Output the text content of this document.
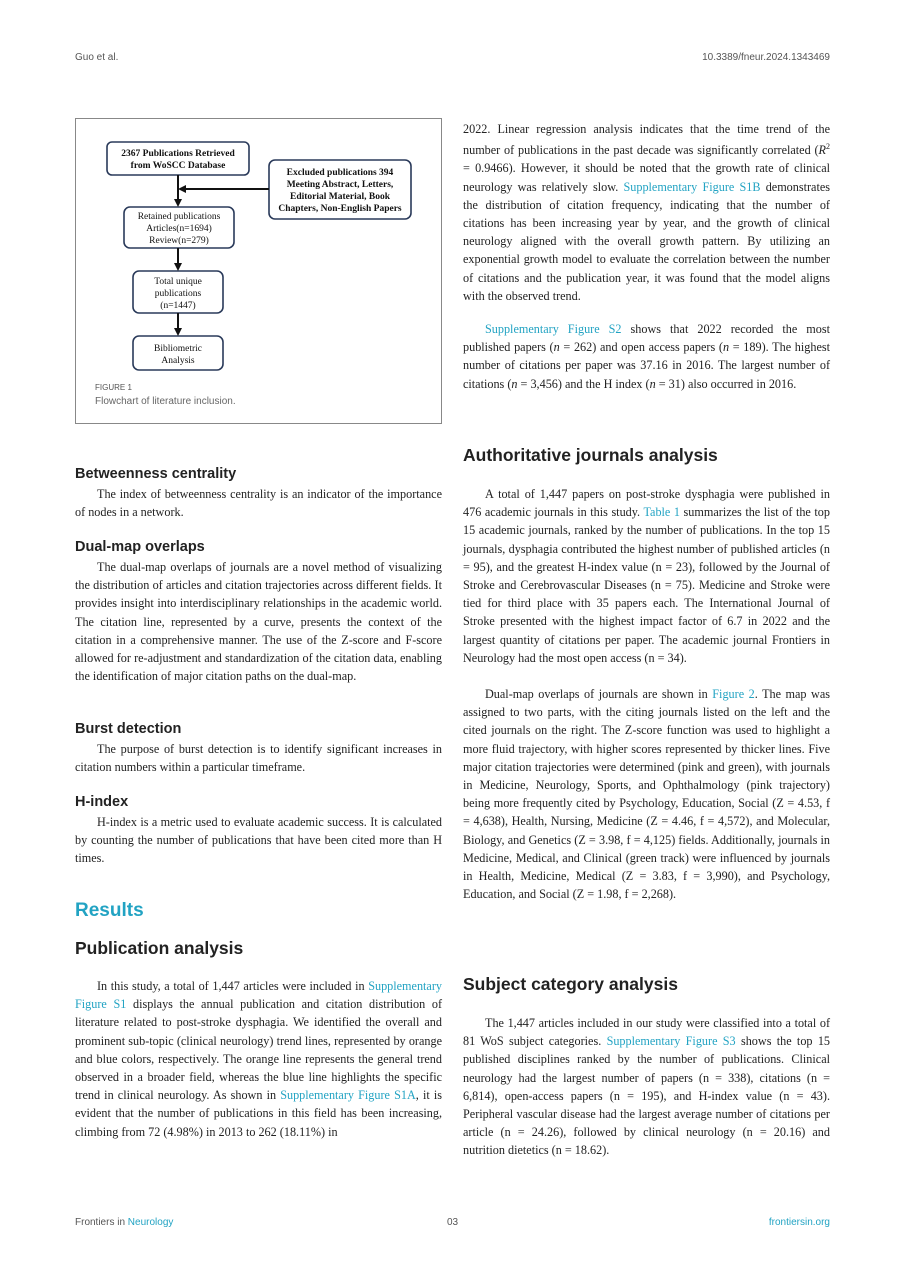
Guo et al.	10.3389/fneur.2024.1343469
2367 Publications Retrieved
from WoSCC Database
Excluded publications 394
Meeting Abstract, Letters,
Editorial Material, Book
Chapters, Non-English Papers
Retained publications
Articles(n=1694)
Review(n=279)
Total unique
publications
(n=1447)
Bibliometric
Analysis
FIGURE 1
Flowchart of literature inclusion.
Betweenness centrality

The index of betweenness centrality is an indicator of the importance of nodes in a network.

Dual-map overlaps

The dual-map overlaps of journals are a novel method of visualizing the distribution of articles and citation trajectories across different fields. It provides insight into interdisciplinary relationships in the academic world. The citation line, represented by a curve, presents the context of the citation in a comprehensive manner. The use of the Z-score and F-score allowed for re-adjustment and standardization of the citation data, enabling the identification of major citation paths on the dual-map.

Burst detection

The purpose of burst detection is to identify significant increases in citation numbers within a particular timeframe.

H-index

H-index is a metric used to evaluate academic success. It is calculated by counting the number of publications that have been cited more than H times.

Results
Publication analysis

In this study, a total of 1,447 articles were included in Supplementary Figure S1 displays the annual publication and citation distribution of literature related to post-stroke dysphagia. We identified the overall and prominent sub-topic (clinical neurology) trend lines, represented by orange and blue colors, respectively. The orange line represents the general trend observed in a broader field, whereas the blue line highlights the specific trend in clinical neurology. As shown in Supplementary Figure S1A, it is evident that the number of publications in this field has been increasing, climbing from 72 (4.98%) in 2013 to 262 (18.11%) in

2022. Linear regression analysis indicates that the time trend of the number of publications in the past decade was significantly correlated $(R^2 = 0.9466)$. However, it should be noted that the growth rate of clinical neurology was relatively slow. Supplementary Figure S1B demonstrates the distribution of citation frequency, indicating that the number of citations has been increasing year by year, and the growth of clinical neurology aligned with the overall growth pattern. By utilizing an exponential growth model to evaluate the correlation between the number of citations and the publication year, it was found that the model aligns with the observed trend.

Supplementary Figure S2 shows that 2022 recorded the most published papers (n = 262) and open access papers (n = 189). The highest number of citations per paper was 37.16 in 2016. The largest number of citations (n = 3,456) and the H index (n = 31) also occurred in 2016.

Authoritative journals analysis

A total of 1,447 papers on post-stroke dysphagia were published in 476 academic journals in this study. Table 1 summarizes the list of the top 15 academic journals, ranked by the number of publications. In the top 15 journals, dysphagia contributed the highest number of published articles (n = 95), and the greatest H-index value (n = 23), followed by the Journal of Stroke and Cerebrovascular Diseases (n = 75). Medicine and Stroke were tied for third place with 35 papers each. The International Journal of Stroke presented with the highest impact factor of 6.7 in 2022 and the largest quantity of citations per paper. The academic journal Frontiers in Neurology had the most open access (n = 34).

Dual-map overlaps of journals are shown in Figure 2. The map was assigned to two parts, with the citing journals listed on the left and the cited journals on the right. The Z-score function was used to highlight a more fluid trajectory, with higher scores represented by thicker lines. Five major citation trajectories were determined (pink and green), with journals in Medicine, Neurology, Sports, and Ophthalmology (pink trajectory) being more frequently cited by Psychology, Education, Social (Z = 4.53, f = 4,638), Health, Nursing, Medicine (Z = 4.46, f = 4,572), and Molecular, Biology, and Genetics (Z = 3.98, f = 4,125) fields. Additionally, journals in Medicine, Medical, and Clinical (green track) were influenced by journals in Health, Medicine, Medical (Z = 3.83, f = 3,990), and Psychology, Education, and Social (Z = 1.98, f = 2,268).

Subject category analysis

The 1,447 articles included in our study were classified into a total of 81 WoS subject categories. Supplementary Figure S3 shows the top 15 published disciplines ranked by the number of publications. Clinical neurology had the largest number of papers (n = 338), citations (n = 6,814), open-access papers (n = 195), and H-index value (n = 43). Peripheral vascular disease had the largest average number of citations per article (n = 24.26), followed by clinical neurology (n = 20.16) and nutrition dietetics (n = 18.62).

Frontiers in Neurology	03	frontiersin.org
